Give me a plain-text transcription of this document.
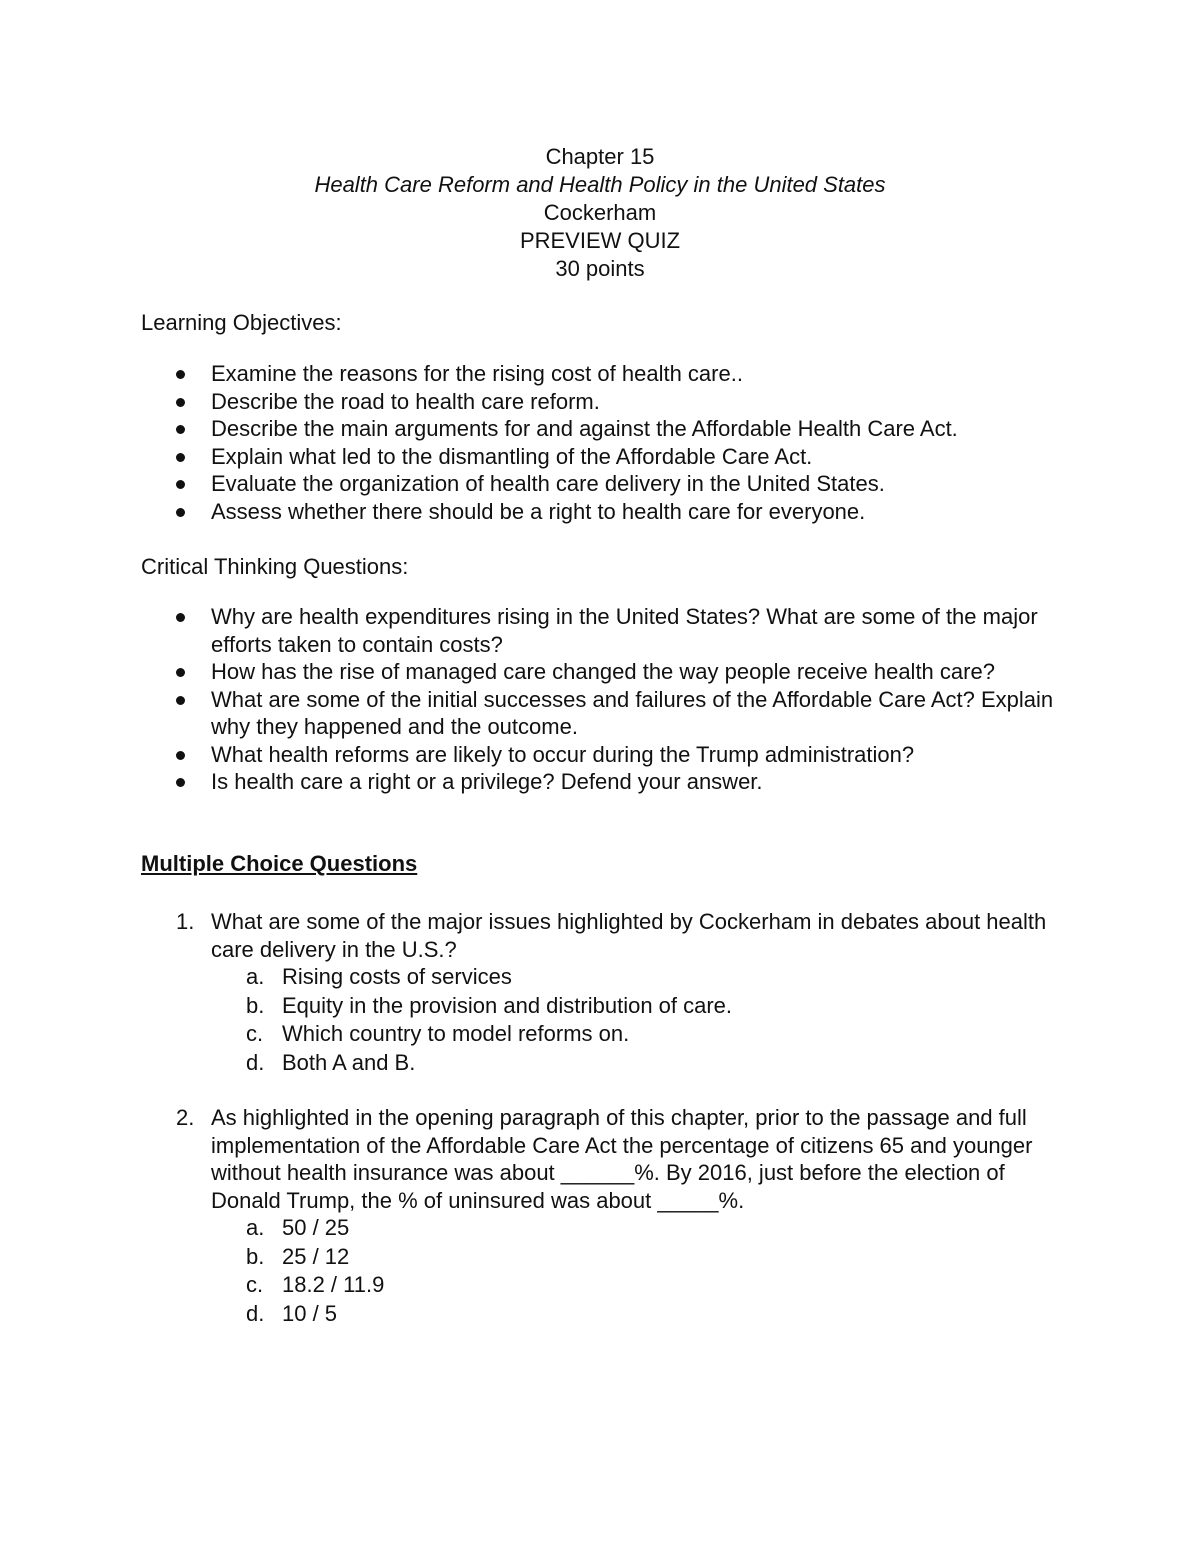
Chapter 15
Health Care Reform and Health Policy in the United States
Cockerham
PREVIEW QUIZ
30 points
Learning Objectives:
Examine the reasons for the rising cost of health care..
Describe the road to health care reform.
Describe the main arguments for and against the Affordable Health Care Act.
Explain what led to the dismantling of the Affordable Care Act.
Evaluate the organization of health care delivery in the United States.
Assess whether there should be a right to health care for everyone.
Critical Thinking Questions:
Why are health expenditures rising in the United States? What are some of the major efforts taken to contain costs?
How has the rise of managed care changed the way people receive health care?
What are some of the initial successes and failures of the Affordable Care Act? Explain why they happened and the outcome.
What health reforms are likely to occur during the Trump administration?
Is health care a right or a privilege? Defend your answer.
Multiple Choice Questions
1. What are some of the major issues highlighted by Cockerham in debates about health care delivery in the U.S.?
a. Rising costs of services
b. Equity in the provision and distribution of care.
c. Which country to model reforms on.
d. Both A and B.
2. As highlighted in the opening paragraph of this chapter, prior to the passage and full implementation of the Affordable Care Act the percentage of citizens 65 and younger without health insurance was about ______%. By 2016, just before the election of Donald Trump, the % of uninsured was about _____%.
a. 50 / 25
b. 25 / 12
c. 18.2 / 11.9
d. 10 / 5
